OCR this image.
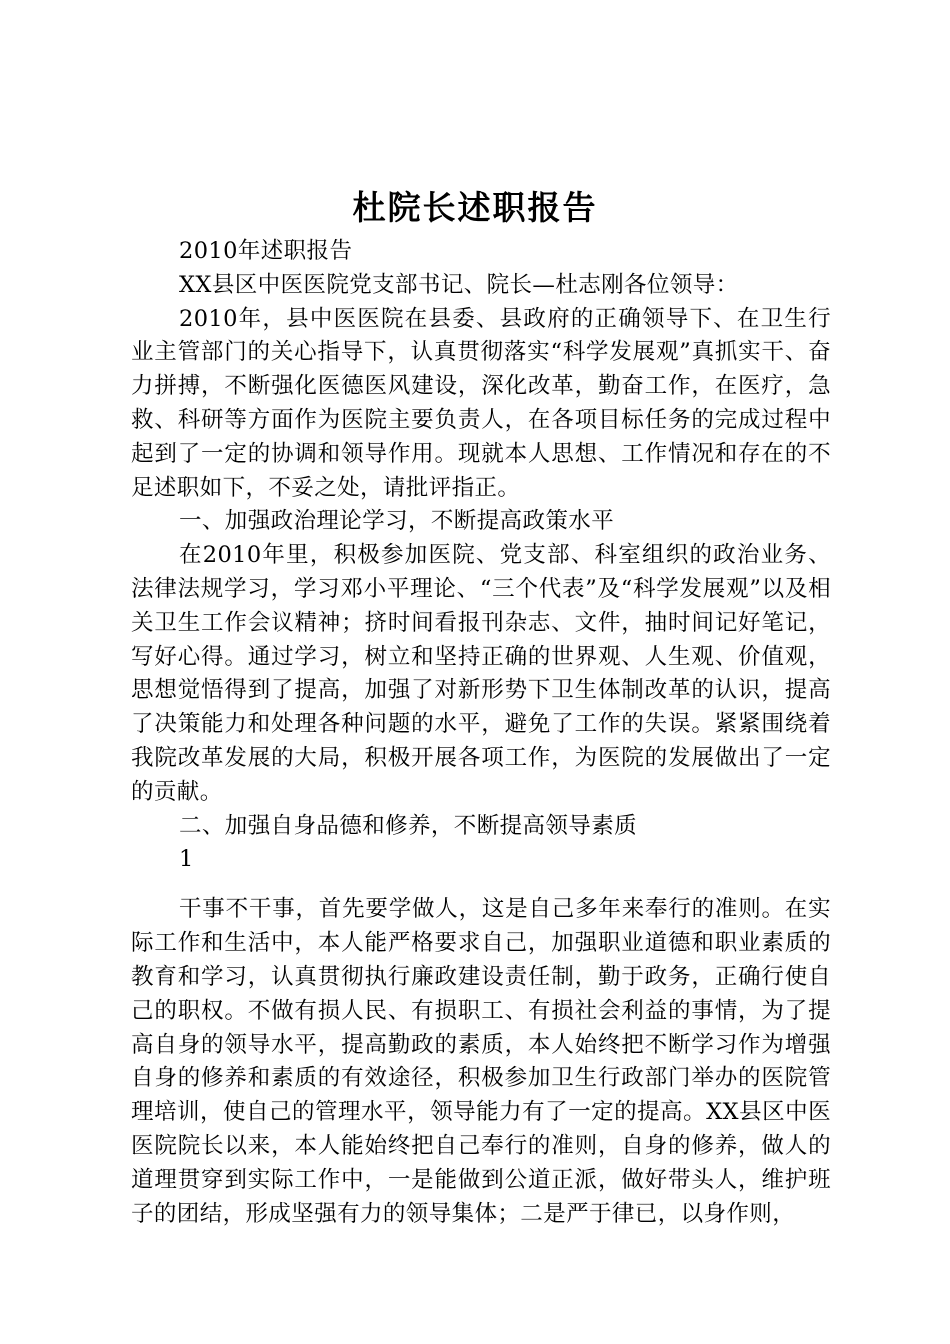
杜院长述职报告

2010年述职报告

XX县区中医医院党支部书记、院长—杜志刚各位领导：

2010年，县中医医院在县委、县政府的正确领导下、在卫生行业主管部门的关心指导下，认真贯彻落实“科学发展观”真抓实干、奋力拼搏，不断强化医德医风建设，深化改革，勤奋工作，在医疗，急救、科研等方面作为医院主要负责人，在各项目标任务的完成过程中起到了一定的协调和领导作用。现就本人思想、工作情况和存在的不足述职如下，不妥之处，请批评指正。

一、加强政治理论学习，不断提高政策水平

在2010年里，积极参加医院、党支部、科室组织的政治业务、法律法规学习，学习邓小平理论、“三个代表”及“科学发展观”以及相关卫生工作会议精神；挤时间看报刊杂志、文件，抽时间记好笔记，写好心得。通过学习，树立和坚持正确的世界观、人生观、价值观，思想觉悟得到了提高，加强了对新形势下卫生体制改革的认识，提高了决策能力和处理各种问题的水平，避免了工作的失误。紧紧围绕着我院改革发展的大局，积极开展各项工作，为医院的发展做出了一定的贡献。

二、加强自身品德和修养，不断提高领导素质

1

干事不干事，首先要学做人，这是自己多年来奉行的准则。在实际工作和生活中，本人能严格要求自己，加强职业道德和职业素质的教育和学习，认真贯彻执行廉政建设责任制，勤于政务，正确行使自己的职权。不做有损人民、有损职工、有损社会利益的事情，为了提高自身的领导水平，提高勤政的素质，本人始终把不断学习作为增强自身的修养和素质的有效途径，积极参加卫生行政部门举办的医院管理培训，使自己的管理水平，领导能力有了一定的提高。XX县区中医医院院长以来，本人能始终把自己奉行的准则，自身的修养，做人的道理贯穿到实际工作中，一是能做到公道正派，做好带头人，维护班子的团结，形成坚强有力的领导集体；二是严于律已，以身作则，
